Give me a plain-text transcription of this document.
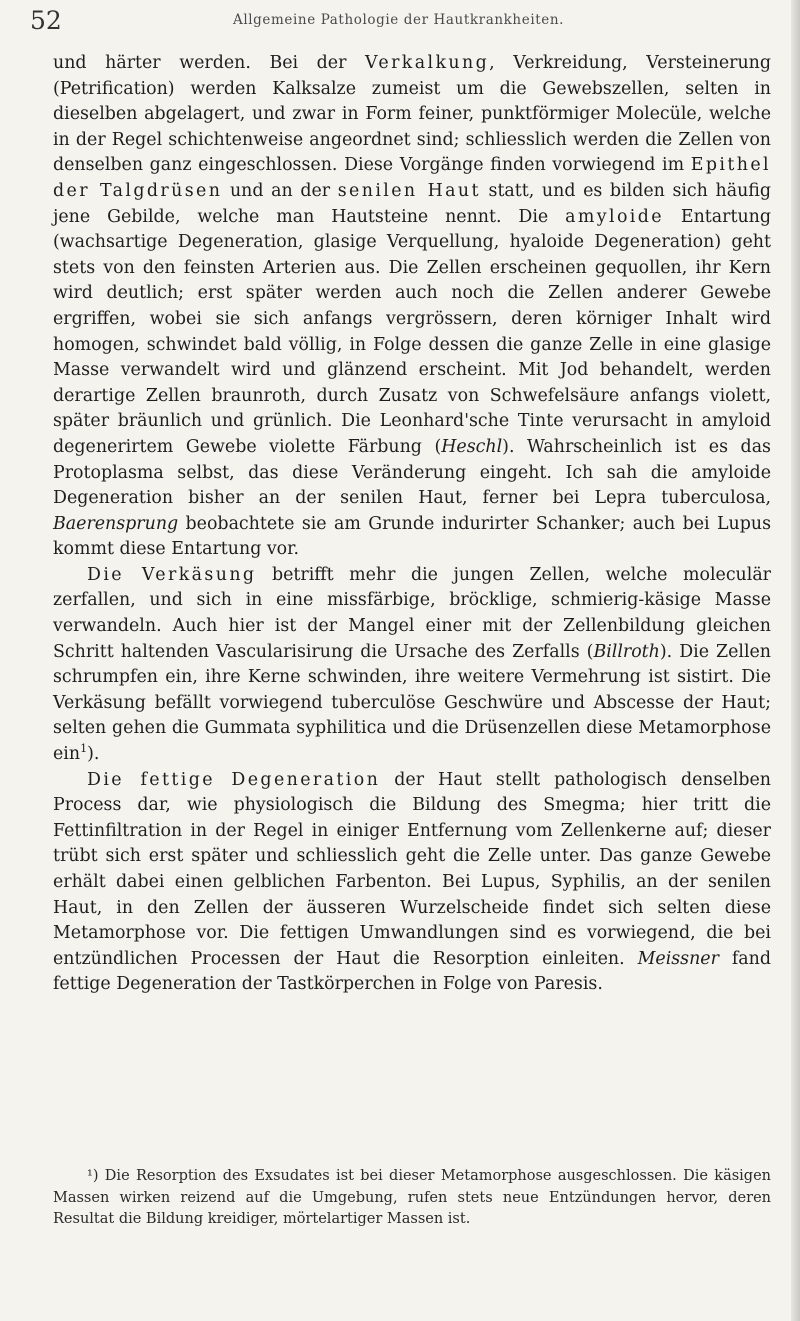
52	Allgemeine Pathologie der Hautkrankheiten.

und härter werden. Bei der Verkalkung, Verkreidung, Versteinerung (Petrification) werden Kalksalze zumeist um die Gewebszellen, selten in dieselben abgelagert, und zwar in Form feiner, punktförmiger Molecüle, welche in der Regel schichtenweise angeordnet sind; schliesslich werden die Zellen von denselben ganz eingeschlossen. Diese Vorgänge finden vorwiegend im Epithel der Talgdrüsen und an der senilen Haut statt, und es bilden sich häufig jene Gebilde, welche man Hautsteine nennt. Die amyloide Entartung (wachsartige Degeneration, glasige Verquellung, hyaloide Degeneration) geht stets von den feinsten Arterien aus. Die Zellen erscheinen gequollen, ihr Kern wird deutlich; erst später werden auch noch die Zellen anderer Gewebe ergriffen, wobei sie sich anfangs vergrössern, deren körniger Inhalt wird homogen, schwindet bald völlig, in Folge dessen die ganze Zelle in eine glasige Masse verwandelt wird und glänzend erscheint. Mit Jod behandelt, werden derartige Zellen braunroth, durch Zusatz von Schwefelsäure anfangs violett, später bräunlich und grünlich. Die Leonhard'sche Tinte verursacht in amyloid degenerirtem Gewebe violette Färbung (Heschl). Wahrscheinlich ist es das Protoplasma selbst, das diese Veränderung eingeht. Ich sah die amyloide Degeneration bisher an der senilen Haut, ferner bei Lepra tuberculosa, Baerensprung beobachtete sie am Grunde indurirter Schanker; auch bei Lupus kommt diese Entartung vor.

Die Verkäsung betrifft mehr die jungen Zellen, welche moleculär zerfallen, und sich in eine missfärbige, bröcklige, schmierig-käsige Masse verwandeln. Auch hier ist der Mangel einer mit der Zellenbildung gleichen Schritt haltenden Vascularisirung die Ursache des Zerfalls (Billroth). Die Zellen schrumpfen ein, ihre Kerne schwinden, ihre weitere Vermehrung ist sistirt. Die Verkäsung befällt vorwiegend tuberculöse Geschwüre und Abscesse der Haut; selten gehen die Gummata syphilitica und die Drüsenzellen diese Metamorphose ein$^1$).

Die fettige Degeneration der Haut stellt pathologisch denselben Process dar, wie physiologisch die Bildung des Smegma; hier tritt die Fettinfiltration in der Regel in einiger Entfernung vom Zellenkerne auf; dieser trübt sich erst später und schliesslich geht die Zelle unter. Das ganze Gewebe erhält dabei einen gelblichen Farbenton. Bei Lupus, Syphilis, an der senilen Haut, in den Zellen der äusseren Wurzelscheide findet sich selten diese Metamorphose vor. Die fettigen Umwandlungen sind es vorwiegend, die bei entzündlichen Processen der Haut die Resorption einleiten. Meissner fand fettige Degeneration der Tastkörperchen in Folge von Paresis.

¹) Die Resorption des Exsudates ist bei dieser Metamorphose ausgeschlossen. Die käsigen Massen wirken reizend auf die Umgebung, rufen stets neue Entzündungen hervor, deren Resultat die Bildung kreidiger, mörtelartiger Massen ist.
